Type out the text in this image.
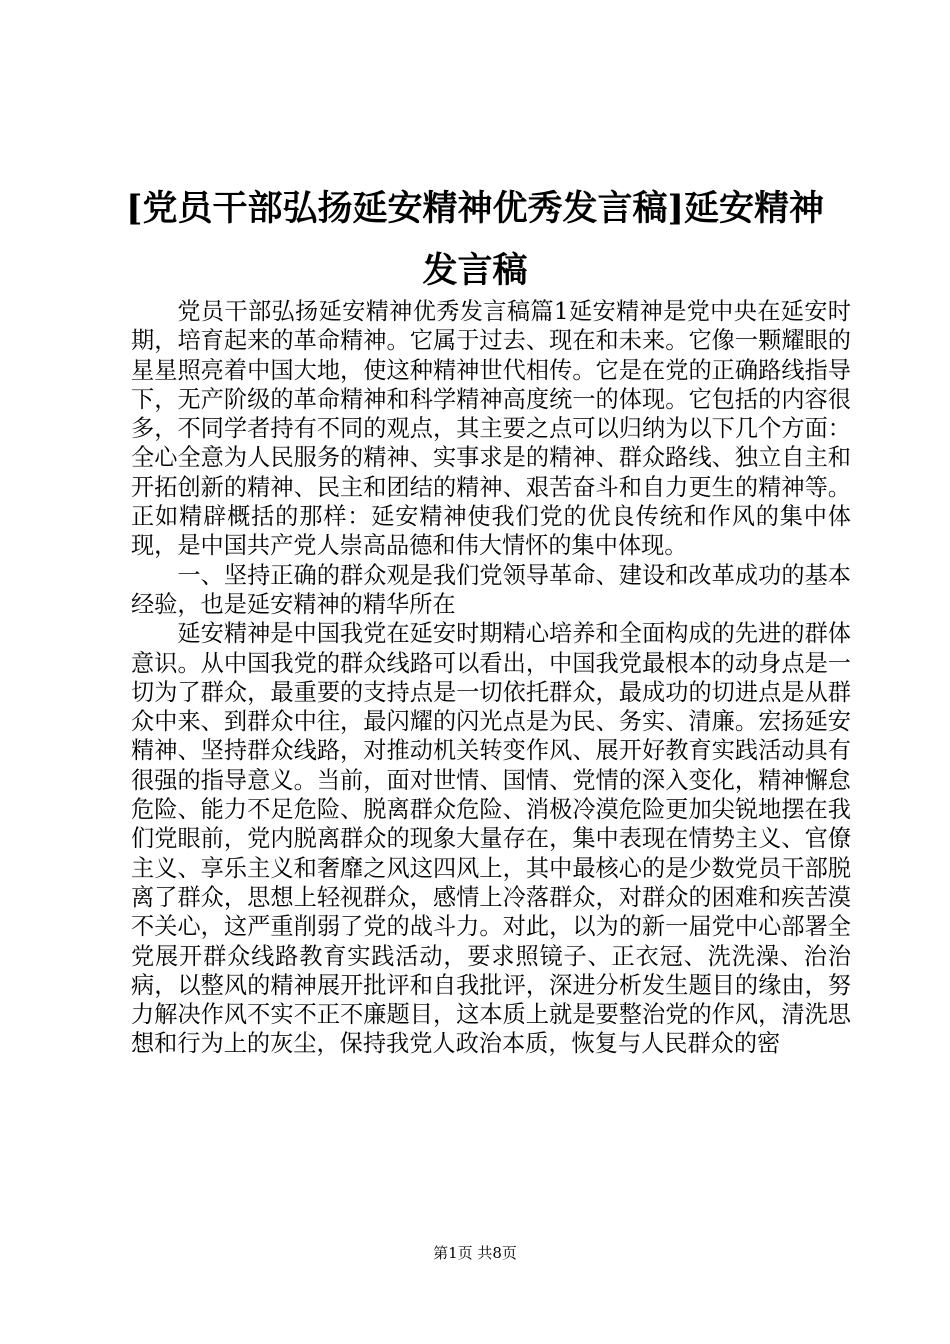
[党员干部弘扬延安精神优秀发言稿]延安精神发言稿

党员干部弘扬延安精神优秀发言稿篇1延安精神是党中央在延安时期，培育起来的革命精神。它属于过去、现在和未来。它像一颗耀眼的星星照亮着中国大地，使这种精神世代相传。它是在党的正确路线指导下，无产阶级的革命精神和科学精神高度统一的体现。它包括的内容很多，不同学者持有不同的观点，其主要之点可以归纳为以下几个方面：全心全意为人民服务的精神、实事求是的精神、群众路线、独立自主和开拓创新的精神、民主和团结的精神、艰苦奋斗和自力更生的精神等。正如精辟概括的那样：延安精神使我们党的优良传统和作风的集中体现，是中国共产党人崇高品德和伟大情怀的集中体现。

一、坚持正确的群众观是我们党领导革命、建设和改革成功的基本经验，也是延安精神的精华所在

延安精神是中国我党在延安时期精心培养和全面构成的先进的群体意识。从中国我党的群众线路可以看出，中国我党最根本的动身点是一切为了群众，最重要的支持点是一切依托群众，最成功的切进点是从群众中来、到群众中往，最闪耀的闪光点是为民、务实、清廉。宏扬延安精神、坚持群众线路，对推动机关转变作风、展开好教育实践活动具有很强的指导意义。当前，面对世情、国情、党情的深入变化，精神懈怠危险、能力不足危险、脱离群众危险、消极冷漠危险更加尖锐地摆在我们党眼前，党内脱离群众的现象大量存在，集中表现在情势主义、官僚主义、享乐主义和奢靡之风这四风上，其中最核心的是少数党员干部脱离了群众，思想上轻视群众，感情上冷落群众，对群众的困难和疾苦漠不关心，这严重削弱了党的战斗力。对此，以为的新一届党中心部署全党展开群众线路教育实践活动，要求照镜子、正衣冠、洗洗澡、治治病，以整风的精神展开批评和自我批评，深进分析发生题目的缘由，努力解决作风不实不正不廉题目，这本质上就是要整治党的作风，清洗思想和行为上的灰尘，保持我党人政治本质，恢复与人民群众的密

第1页 共8页
